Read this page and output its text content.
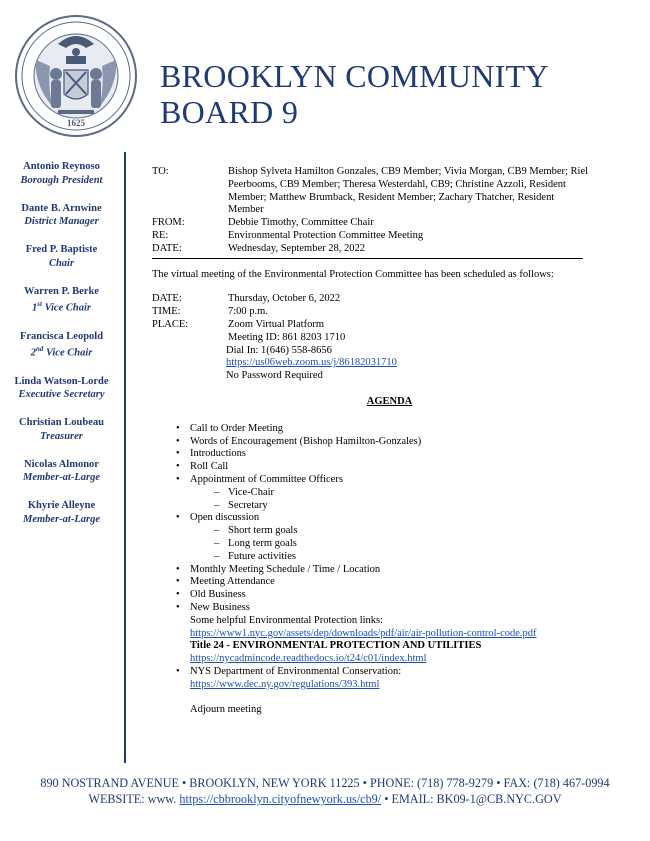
1625
BROOKLYN COMMUNITY
BOARD 9
Antonio Reynoso
Borough President
Dante B. Arnwine
District Manager
Fred P. Baptiste
Chair
Warren P. Berke
1st Vice Chair
Francisca Leopold
2nd Vice Chair
Linda Watson-Lorde
Executive Secretary
Christian Loubeau
Treasurer
Nicolas Almonor
Member-at-Large
Khyrie Alleyne
Member-at-Large
TO:	Bishop Sylveta Hamilton Gonzales, CB9 Member; Vivia Morgan, CB9 Member; Riel Peerbooms, CB9 Member; Theresa Westerdahl, CB9; Christine Azzoli, Resident Member; Matthew Brumback, Resident Member; Zachary Thatcher, Resident Member
FROM:	Debbie Timothy, Committee Chair
RE:	Environmental Protection Committee Meeting
DATE:	Wednesday, September 28, 2022
The virtual meeting of the Environmental Protection Committee has been scheduled as follows:
DATE:	Thursday, October 6, 2022
TIME:	7:00 p.m.
PLACE:	Zoom Virtual Platform
Meeting ID: 861 8203 1710
Dial In: 1(646) 558-8656
https://us06web.zoom.us/j/86182031710
No Password Required
AGENDA
• Call to Order Meeting
• Words of Encouragement (Bishop Hamilton-Gonzales)
• Introductions
• Roll Call
• Appointment of Committee Officers
– Vice-Chair
– Secretary
• Open discussion
– Short term goals
– Long term goals
– Future activities
• Monthly Meeting Schedule / Time / Location
• Meeting Attendance
• Old Business
• New Business
Some helpful Environmental Protection links:
https://www1.nyc.gov/assets/dep/downloads/pdf/air/air-pollution-control-code.pdf
Title 24 - ENVIRONMENTAL PROTECTION AND UTILITIES
https://nycadmincode.readthedocs.io/t24/c01/index.html
• NYS Department of Environmental Conservation:
https://www.dec.ny.gov/regulations/393.html
Adjourn meeting
890 NOSTRAND AVENUE • BROOKLYN, NEW YORK 11225 • PHONE: (718) 778-9279 • FAX: (718) 467-0994
WEBSITE: www. https://cbbrooklyn.cityofnewyork.us/cb9/ • EMAIL: BK09-1@CB.NYC.GOV
